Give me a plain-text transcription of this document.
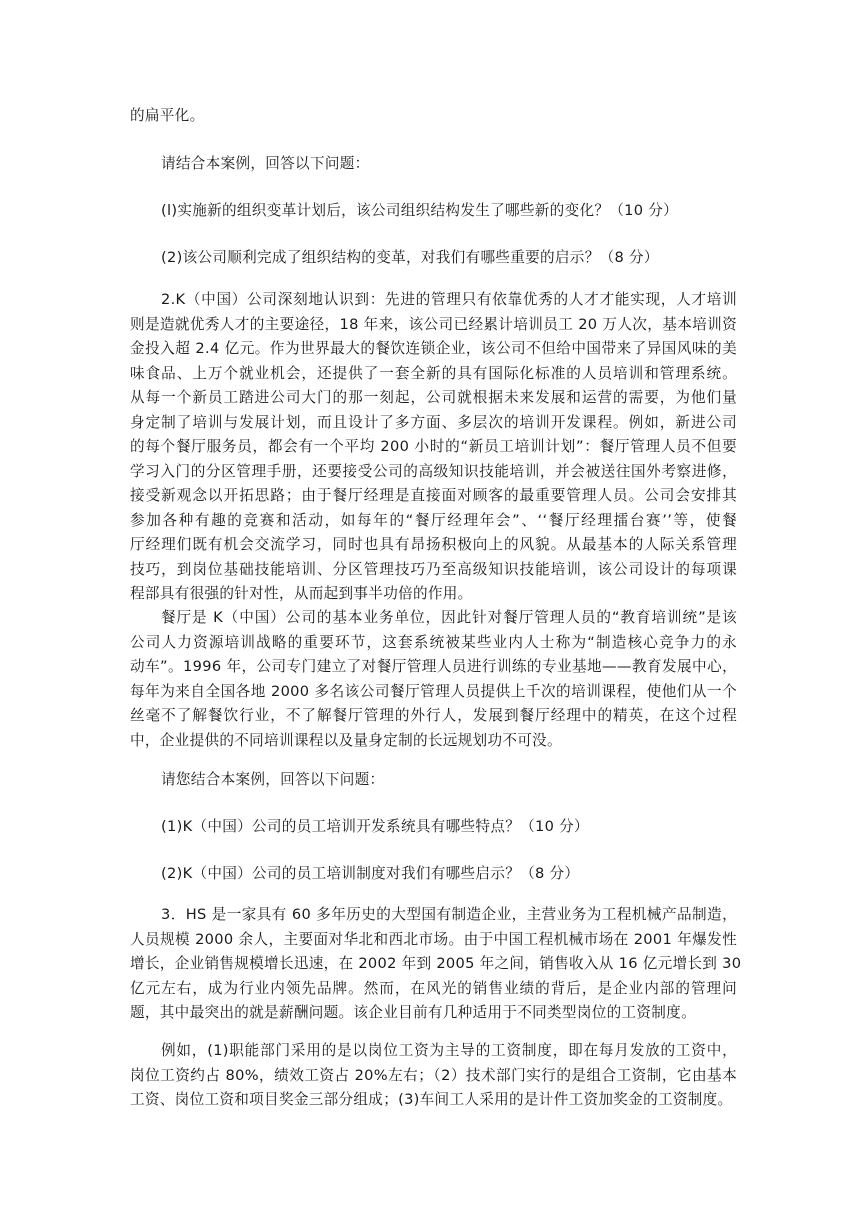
的扁平化。

请结合本案例，回答以下问题：

(l)实施新的组织变革计划后，该公司组织结构发生了哪些新的变化？（10 分）

(2)该公司顺利完成了组织结构的变革，对我们有哪些重要的启示？（8 分）

2.K（中国）公司深刻地认识到：先进的管理只有依靠优秀的人才才能实现，人才培训
则是造就优秀人才的主要途径，18 年来，该公司已经累计培训员工 20 万人次，基本培训资
金投入超 2.4 亿元。作为世界最大的餐饮连锁企业，该公司不但给中国带来了异国风味的美
味食品、上万个就业机会，还提供了一套全新的具有国际化标准的人员培训和管理系统。
从每一个新员工踏进公司大门的那一刻起，公司就根据未来发展和运营的需要，为他们量
身定制了培训与发展计划，而且设计了多方面、多层次的培训开发课程。例如，新进公司
的每个餐厅服务员，都会有一个平均 200 小时的“新员工培训计划”：餐厅管理人员不但要
学习入门的分区管理手册，还要接受公司的高级知识技能培训，并会被送往国外考察进修，
接受新观念以开拓思路；由于餐厅经理是直接面对顾客的最重要管理人员。公司会安排其
参加各种有趣的竞赛和活动，如每年的“餐厅经理年会”、‘‘餐厅经理擂台赛’’等，使餐
厅经理们既有机会交流学习，同时也具有昂扬积极向上的风貌。从最基本的人际关系管理
技巧，到岗位基础技能培训、分区管理技巧乃至高级知识技能培训，该公司设计的每项课
程部具有很强的针对性，从而起到事半功倍的作用。
餐厅是 K（中国）公司的基本业务单位，因此针对餐厅管理人员的“教育培训统”是该
公司人力资源培训战略的重要环节，这套系统被某些业内人士称为“制造核心竞争力的永
动车”。1996 年，公司专门建立了对餐厅管理人员进行训练的专业基地——教育发展中心，
每年为来自全国各地 2000 多名该公司餐厅管理人员提供上千次的培训课程，使他们从一个
丝毫不了解餐饮行业，不了解餐厅管理的外行人，发展到餐厅经理中的精英，在这个过程
中，企业提供的不同培训课程以及量身定制的长远规划功不可没。

请您结合本案例，回答以下问题：

(1)K（中国）公司的员工培训开发系统具有哪些特点？（10 分）

(2)K（中国）公司的员工培训制度对我们有哪些启示？（8 分）

3．HS 是一家具有 60 多年历史的大型国有制造企业，主营业务为工程机械产品制造，
人员规模 2000 余人，主要面对华北和西北市场。由于中国工程机械市场在 2001 年爆发性
增长，企业销售规模增长迅速，在 2002 年到 2005 年之间，销售收入从 16 亿元增长到 30
亿元左右，成为行业内领先品牌。然而，在风光的销售业绩的背后，是企业内部的管理问
题，其中最突出的就是薪酬问题。该企业目前有几种适用于不同类型岗位的工资制度。
例如，(1)职能部门采用的是以岗位工资为主导的工资制度，即在每月发放的工资中，
岗位工资约占 80%，绩效工资占 20%左右；（2）技术部门实行的是组合工资制，它由基本
工资、岗位工资和项目奖金三部分组成；(3)车间工人采用的是计件工资加奖金的工资制度。
